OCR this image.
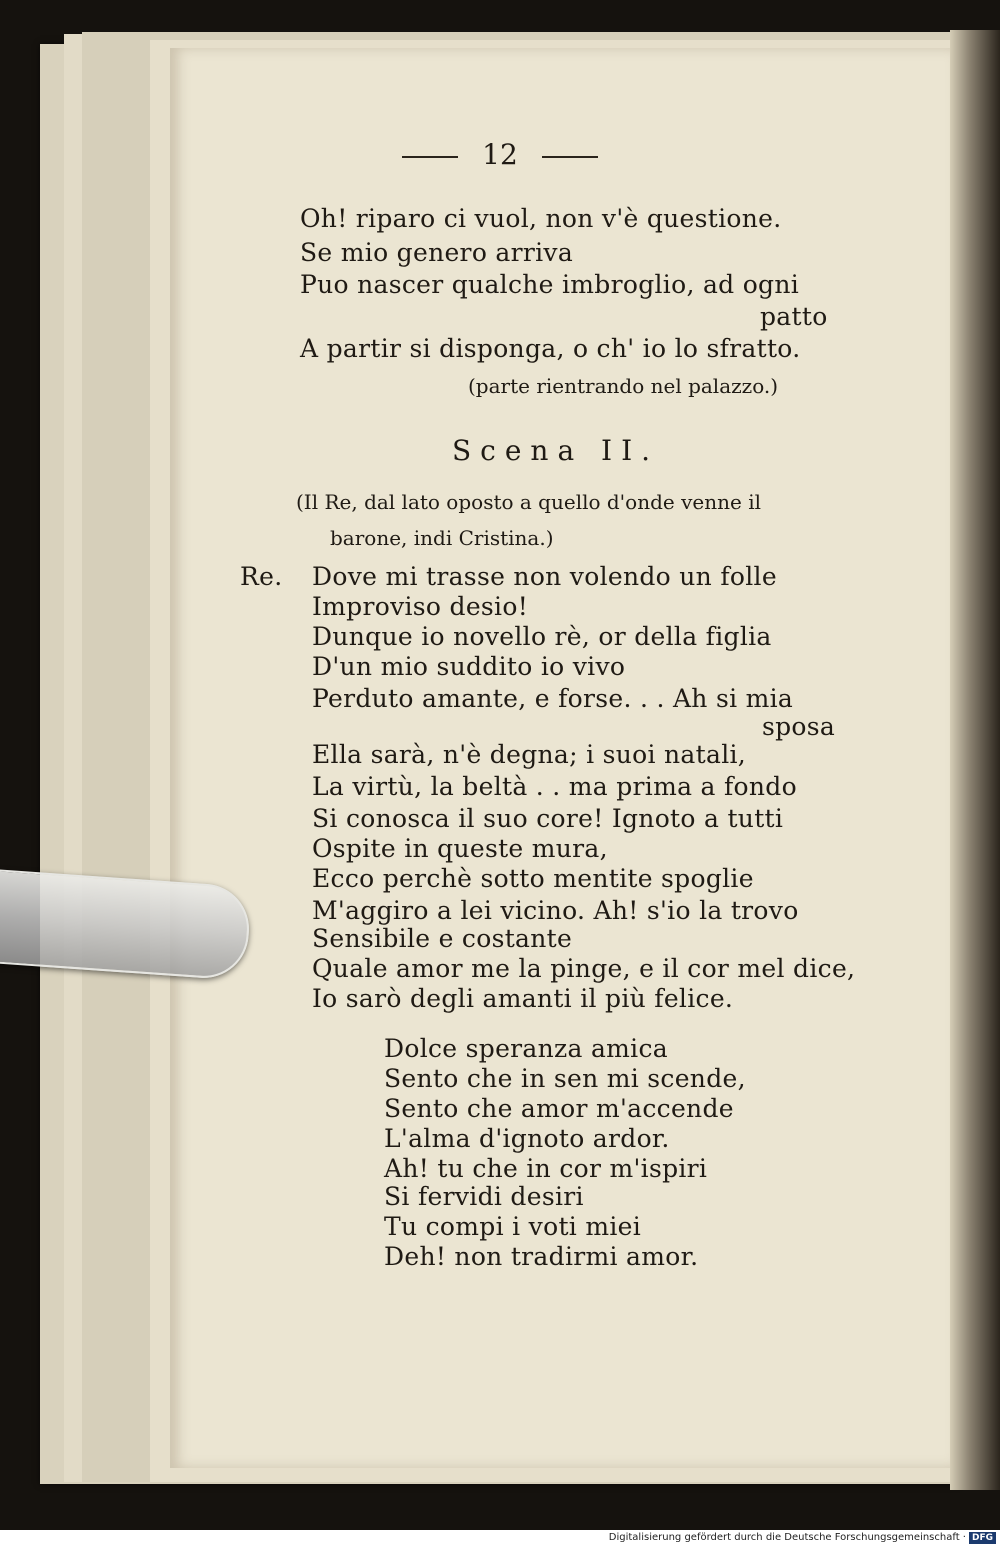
12
Oh! riparo ci vuol, non v'è questione.
Se mio genero arriva
Puo nascer qualche imbroglio, ad ogni
patto
A partir si disponga, o ch' io lo sfratto.
(parte rientrando nel palazzo.)
Scena II.
(Il Re, dal lato oposto a quello d'onde venne il
barone, indi Cristina.)
Re. Dove mi trasse non volendo un folle
Improviso desio!
Dunque io novello rè, or della figlia
D'un mio suddito io vivo
Perduto amante, e forse. . . Ah si mia
sposa
Ella sarà, n'è degna; i suoi natali,
La virtù, la beltà . . ma prima a fondo
Si conosca il suo core! Ignoto a tutti
Ospite in queste mura,
Ecco perchè sotto mentite spoglie
M'aggiro a lei vicino. Ah! s'io la trovo
Sensibile e costante
Quale amor me la pinge, e il cor mel dice,
Io sarò degli amanti il più felice.
Dolce speranza amica
Sento che in sen mi scende,
Sento che amor m'accende
L'alma d'ignoto ardor.
Ah! tu che in cor m'ispiri
Si fervidi desiri
Tu compi i voti miei
Deh! non tradirmi amor.
Digitalisierung gefördert durch die Deutsche Forschungsgemeinschaft · DFG
